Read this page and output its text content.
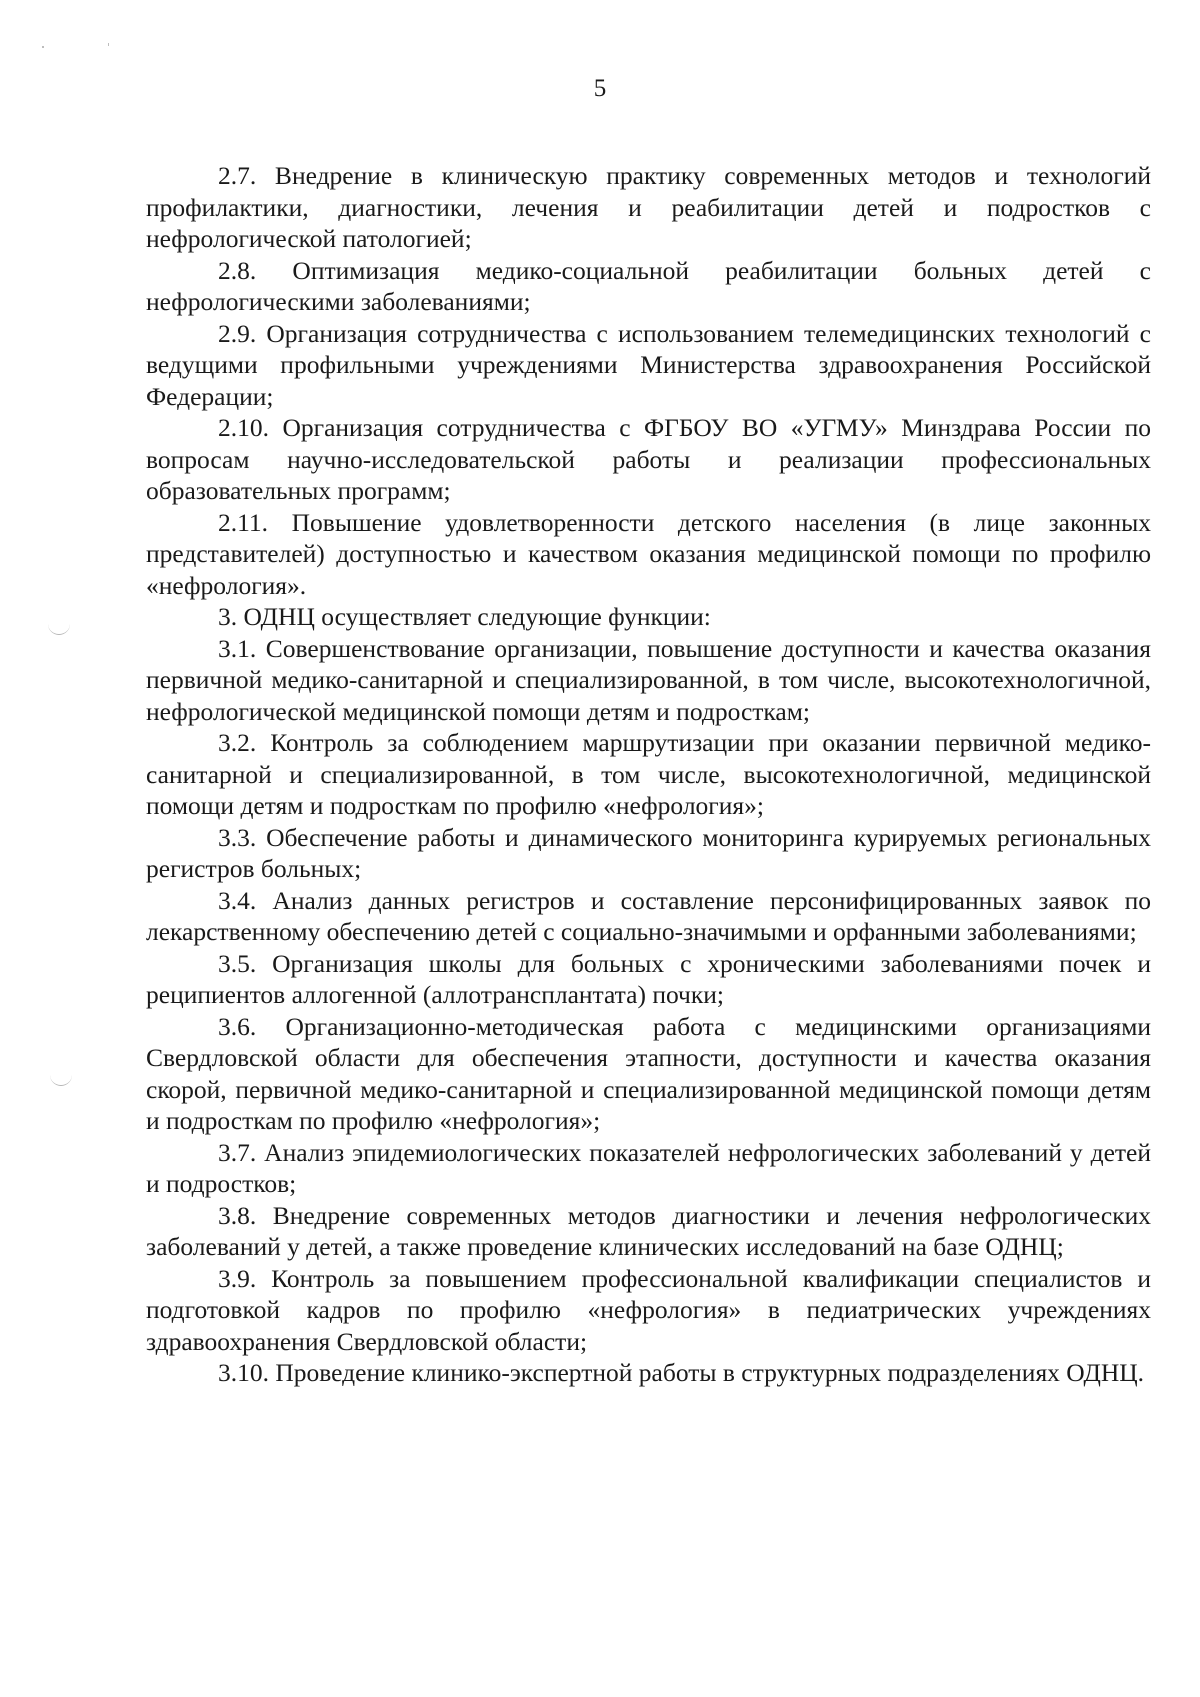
5

2.7. Внедрение в клиническую практику современных методов и технологий профилактики, диагностики, лечения и реабилитации детей и подростков с нефрологической патологией;

2.8. Оптимизация медико-социальной реабилитации больных детей с нефрологическими заболеваниями;

2.9. Организация сотрудничества с использованием телемедицинских технологий с ведущими профильными учреждениями Министерства здравоохранения Российской Федерации;

2.10. Организация сотрудничества с ФГБОУ ВО «УГМУ» Минздрава России по вопросам научно-исследовательской работы и реализации профессиональных образовательных программ;

2.11. Повышение удовлетворенности детского населения (в лице законных представителей) доступностью и качеством оказания медицинской помощи по профилю «нефрология».

3. ОДНЦ осуществляет следующие функции:

3.1. Совершенствование организации, повышение доступности и качества оказания первичной медико-санитарной и специализированной, в том числе, высокотехнологичной, нефрологической медицинской помощи детям и подросткам;

3.2. Контроль за соблюдением маршрутизации при оказании первичной медико-санитарной и специализированной, в том числе, высокотехнологичной, медицинской помощи детям и подросткам по профилю «нефрология»;

3.3. Обеспечение работы и динамического мониторинга курируемых региональных регистров больных;

3.4. Анализ данных регистров и составление персонифицированных заявок по лекарственному обеспечению детей с социально-значимыми и орфанными заболеваниями;

3.5. Организация школы для больных с хроническими заболеваниями почек и реципиентов аллогенной (аллотрансплантата) почки;

3.6. Организационно-методическая работа с медицинскими организациями Свердловской области для обеспечения этапности, доступности и качества оказания скорой, первичной медико-санитарной и специализированной медицинской помощи детям и подросткам по профилю «нефрология»;

3.7. Анализ эпидемиологических показателей нефрологических заболеваний у детей и подростков;

3.8. Внедрение современных методов диагностики и лечения нефрологических заболеваний у детей, а также проведение клинических исследований на базе ОДНЦ;

3.9. Контроль за повышением профессиональной квалификации специалистов и подготовкой кадров по профилю «нефрология» в педиатрических учреждениях здравоохранения Свердловской области;

3.10. Проведение клинико-экспертной работы в структурных подразделениях ОДНЦ.
